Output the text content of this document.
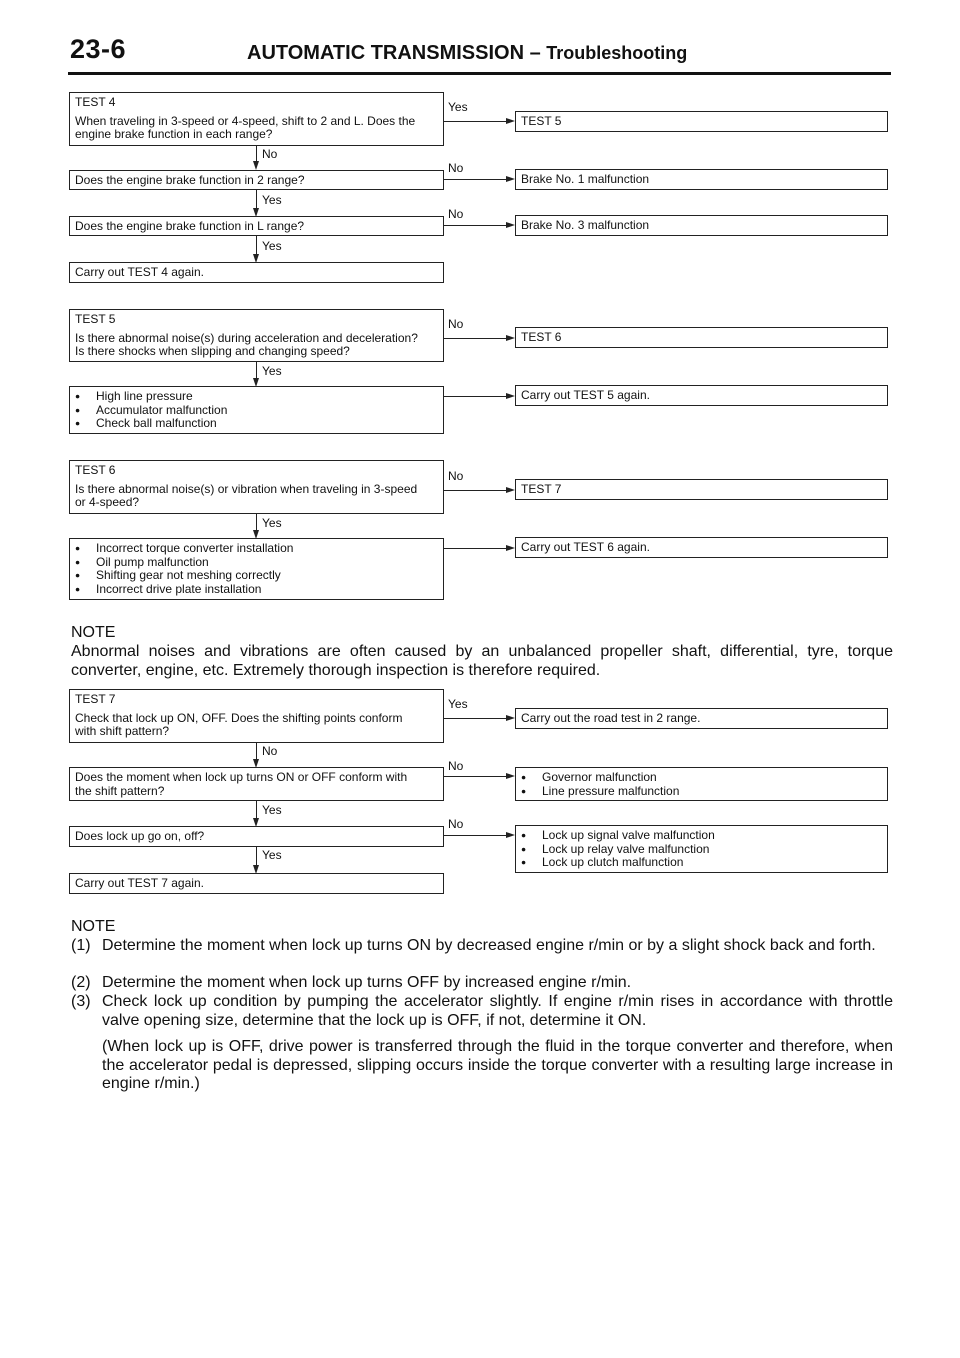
23-6	AUTOMATIC TRANSMISSION – Troubleshooting
TEST 4
When traveling in 3-speed or 4-speed, shift to 2 and L. Does the
engine brake function in each range?
Yes
TEST 5
No
Does the engine brake function in 2 range?
No
Brake No. 1 malfunction
Yes
Does the engine brake function in L range?
No
Brake No. 3 malfunction
Yes
Carry out TEST 4 again.
TEST 5
Is there abnormal noise(s) during acceleration and deceleration?
Is there shocks when slipping and changing speed?
No
TEST 6
Yes
● High line pressure
● Accumulator malfunction
● Check ball malfunction
Carry out TEST 5 again.
TEST 6
Is there abnormal noise(s) or vibration when traveling in 3-speed
or 4-speed?
No
TEST 7
Yes
● Incorrect torque converter installation
● Oil pump malfunction
● Shifting gear not meshing correctly
● Incorrect drive plate installation
Carry out TEST 6 again.
NOTE
Abnormal noises and vibrations are often caused by an unbalanced propeller shaft, differential, tyre, torque converter, engine, etc. Extremely thorough inspection is therefore required.
TEST 7
Check that lock up ON, OFF. Does the shifting points conform
with shift pattern?
Yes
Carry out the road test in 2 range.
No
Does the moment when lock up turns ON or OFF conform with
the shift pattern?
No
● Governor malfunction
● Line pressure malfunction
Yes
Does lock up go on, off?
No
● Lock up signal valve malfunction
● Lock up relay valve malfunction
● Lock up clutch malfunction
Yes
Carry out TEST 7 again.
NOTE
(1) Determine the moment when lock up turns ON by decreased engine r/min or by a slight shock back and forth.
(2) Determine the moment when lock up turns OFF by increased engine r/min.
(3) Check lock up condition by pumping the accelerator slightly. If engine r/min rises in accordance with throttle valve opening size, determine that the lock up is OFF, if not, determine it ON.
(When lock up is OFF, drive power is transferred through the fluid in the torque converter and therefore, when the accelerator pedal is depressed, slipping occurs inside the torque converter with a resulting large increase in engine r/min.)
